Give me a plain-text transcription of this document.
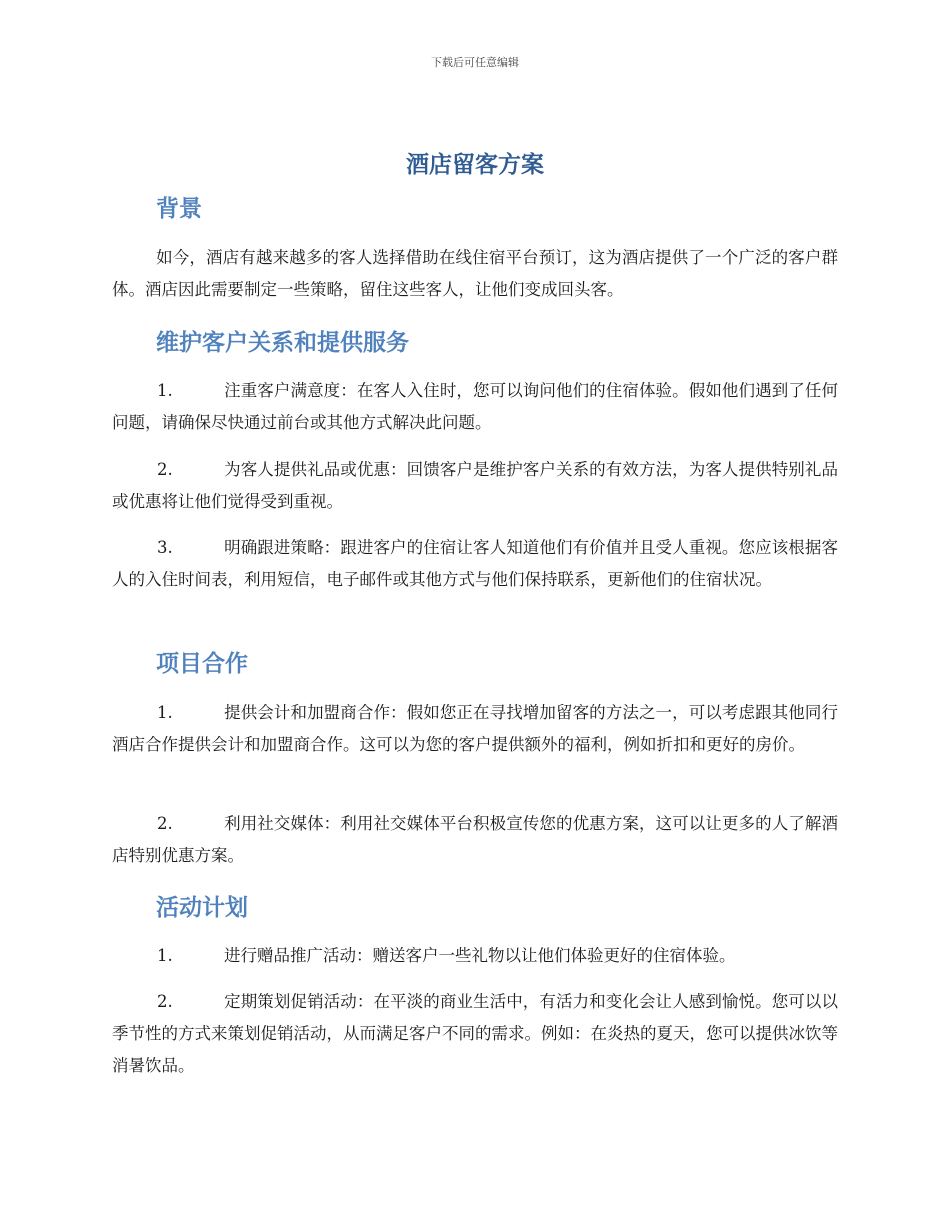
下载后可任意编辑
酒店留客方案
背景
如今，酒店有越来越多的客人选择借助在线住宿平台预订，这为酒店提供了一个广泛的客户群体。酒店因此需要制定一些策略，留住这些客人，让他们变成回头客。
维护客户关系和提供服务
1.	注重客户满意度：在客人入住时，您可以询问他们的住宿体验。假如他们遇到了任何问题，请确保尽快通过前台或其他方式解决此问题。
2.	为客人提供礼品或优惠：回馈客户是维护客户关系的有效方法，为客人提供特别礼品或优惠将让他们觉得受到重视。
3.	明确跟进策略：跟进客户的住宿让客人知道他们有价值并且受人重视。您应该根据客人的入住时间表，利用短信，电子邮件或其他方式与他们保持联系，更新他们的住宿状况。
项目合作
1.	提供会计和加盟商合作：假如您正在寻找增加留客的方法之一，可以考虑跟其他同行酒店合作提供会计和加盟商合作。这可以为您的客户提供额外的福利，例如折扣和更好的房价。
2.	利用社交媒体：利用社交媒体平台积极宣传您的优惠方案，这可以让更多的人了解酒店特别优惠方案。
活动计划
1.	进行赠品推广活动：赠送客户一些礼物以让他们体验更好的住宿体验。
2.	定期策划促销活动：在平淡的商业生活中，有活力和变化会让人感到愉悦。您可以以季节性的方式来策划促销活动，从而满足客户不同的需求。例如：在炎热的夏天，您可以提供冰饮等消暑饮品。
